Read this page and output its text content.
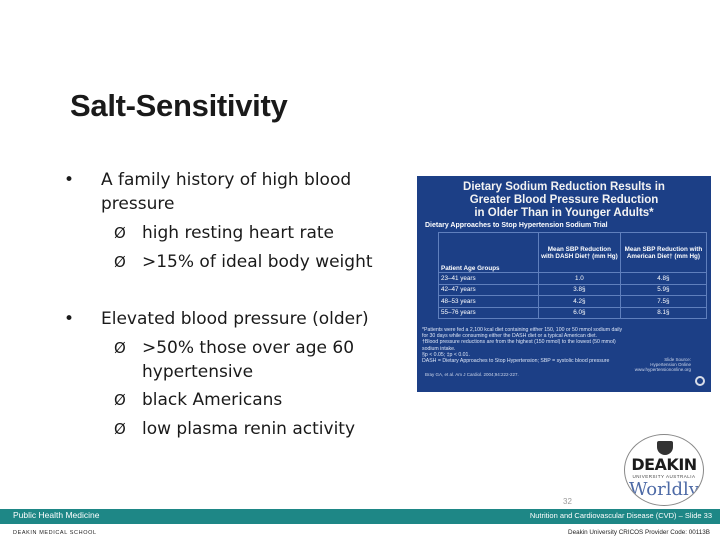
Salt-Sensitivity
• A family history of high blood pressure
Ø high resting heart rate
Ø >15% of ideal body weight
• Elevated blood pressure (older)
Ø >50% those over age 60 hypertensive
Ø black Americans
Ø low plasma renin activity
Dietary Sodium Reduction Results in
Greater Blood Pressure Reduction
in Older Than in Younger Adults*
Dietary Approaches to Stop Hypertension Sodium Trial
Patient Age Groups	Mean SBP Reduction with DASH Diet† (mm Hg)	Mean SBP Reduction with American Diet† (mm Hg)
23–41 years	1.0	4.8§
42–47 years	3.8§	5.9§
48–53 years	4.2§	7.5§
55–76 years	6.0§	8.1§
*Patients were fed a 2,100 kcal diet containing either 150, 100 or 50 mmol sodium daily
for 30 days while consuming either the DASH diet or a typical American diet.
†Blood pressure reductions are from the highest (150 mmol) to the lowest (50 mmol)
sodium intake.
§p < 0.05; ‡p < 0.01.
DASH = Dietary Approaches to Stop Hypertension; SBP = systolic blood pressure	Slide Source:
Hypertension Online
www.hypertensiononline.org
Bray GA, et al. Am J Cardiol. 2004;94:222-227.
DEAKIN
UNIVERSITY AUSTRALIA
Worldly
32
Public Health Medicine	Nutrition and Cardiovascular Disease (CVD) – Slide 33
DEAKIN MEDICAL SCHOOL	Deakin University CRICOS Provider Code: 00113B
